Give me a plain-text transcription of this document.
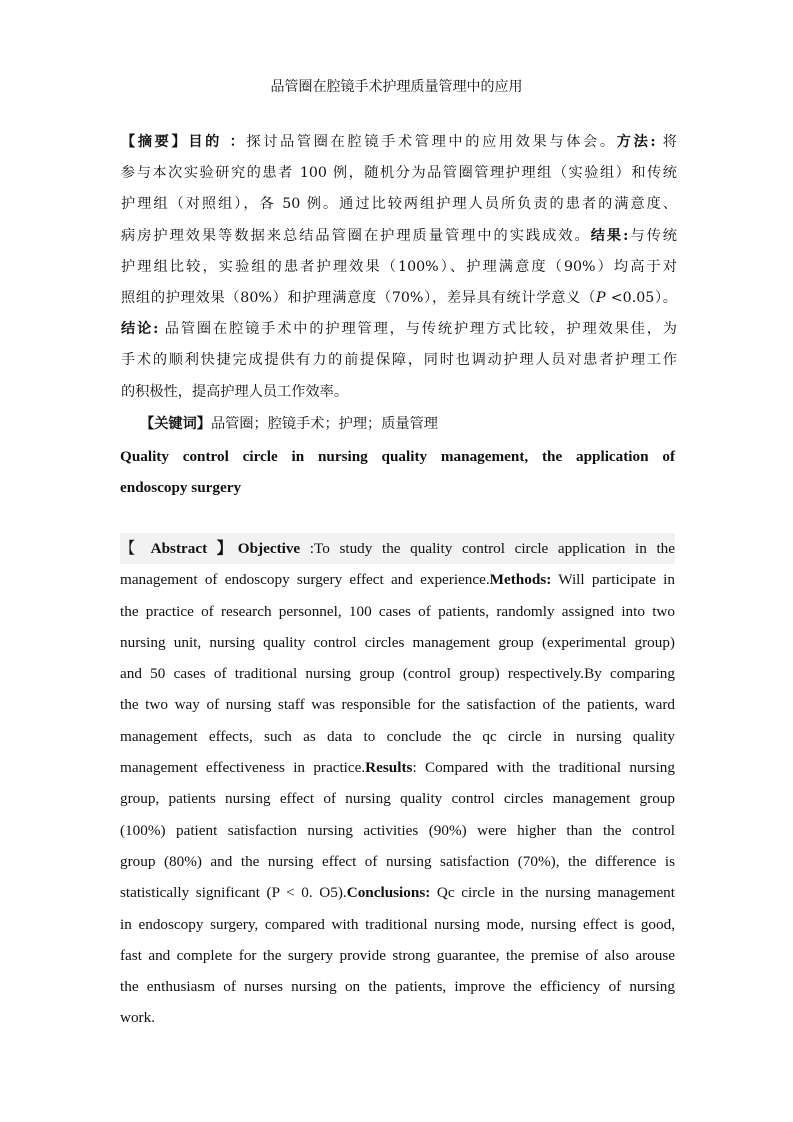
品管圈在腔镜手术护理质量管理中的应用
【摘要】目的 ：探讨品管圈在腔镜手术管理中的应用效果与体会。方法: 将
参与本次实验研究的患者 100 例，随机分为品管圈管理护理组（实验组）和传统
护理组（对照组），各 50 例。通过比较两组护理人员所负责的患者的满意度、
病房护理效果等数据来总结品管圈在护理质量管理中的实践成效。结果:与传统
护理组比较，实验组的患者护理效果（100%）、护理满意度（90%）均高于对
照组的护理效果（80%）和护理满意度（70%），差异具有统计学意义（P <0.05）。
结论: 品管圈在腔镜手术中的护理管理，与传统护理方式比较，护理效果佳，为
手术的顺利快捷完成提供有力的前提保障，同时也调动护理人员对患者护理工作
的积极性，提高护理人员工作效率。
【关键词】品管圈；腔镜手术；护理；质量管理
Quality control circle in nursing quality management, the application of
endoscopy surgery
【 Abstract 】Objective :To study the quality control circle application in the
management of endoscopy surgery effect and experience.Methods: Will participate in
the practice of research personnel, 100 cases of patients, randomly assigned into two
nursing unit, nursing quality control circles management group (experimental group)
and 50 cases of traditional nursing group (control group) respectively.By comparing
the two way of nursing staff was responsible for the satisfaction of the patients, ward
management effects, such as data to conclude the qc circle in nursing quality
management effectiveness in practice.Results: Compared with the traditional nursing
group, patients nursing effect of nursing quality control circles management group
(100%) patient satisfaction nursing activities (90%) were higher than the control
group (80%) and the nursing effect of nursing satisfaction (70%), the difference is
statistically significant (P < 0. O5).Conclusions: Qc circle in the nursing management
in endoscopy surgery, compared with traditional nursing mode, nursing effect is good,
fast and complete for the surgery provide strong guarantee, the premise of also arouse
the enthusiasm of nurses nursing on the patients, improve the efficiency of nursing
work.
